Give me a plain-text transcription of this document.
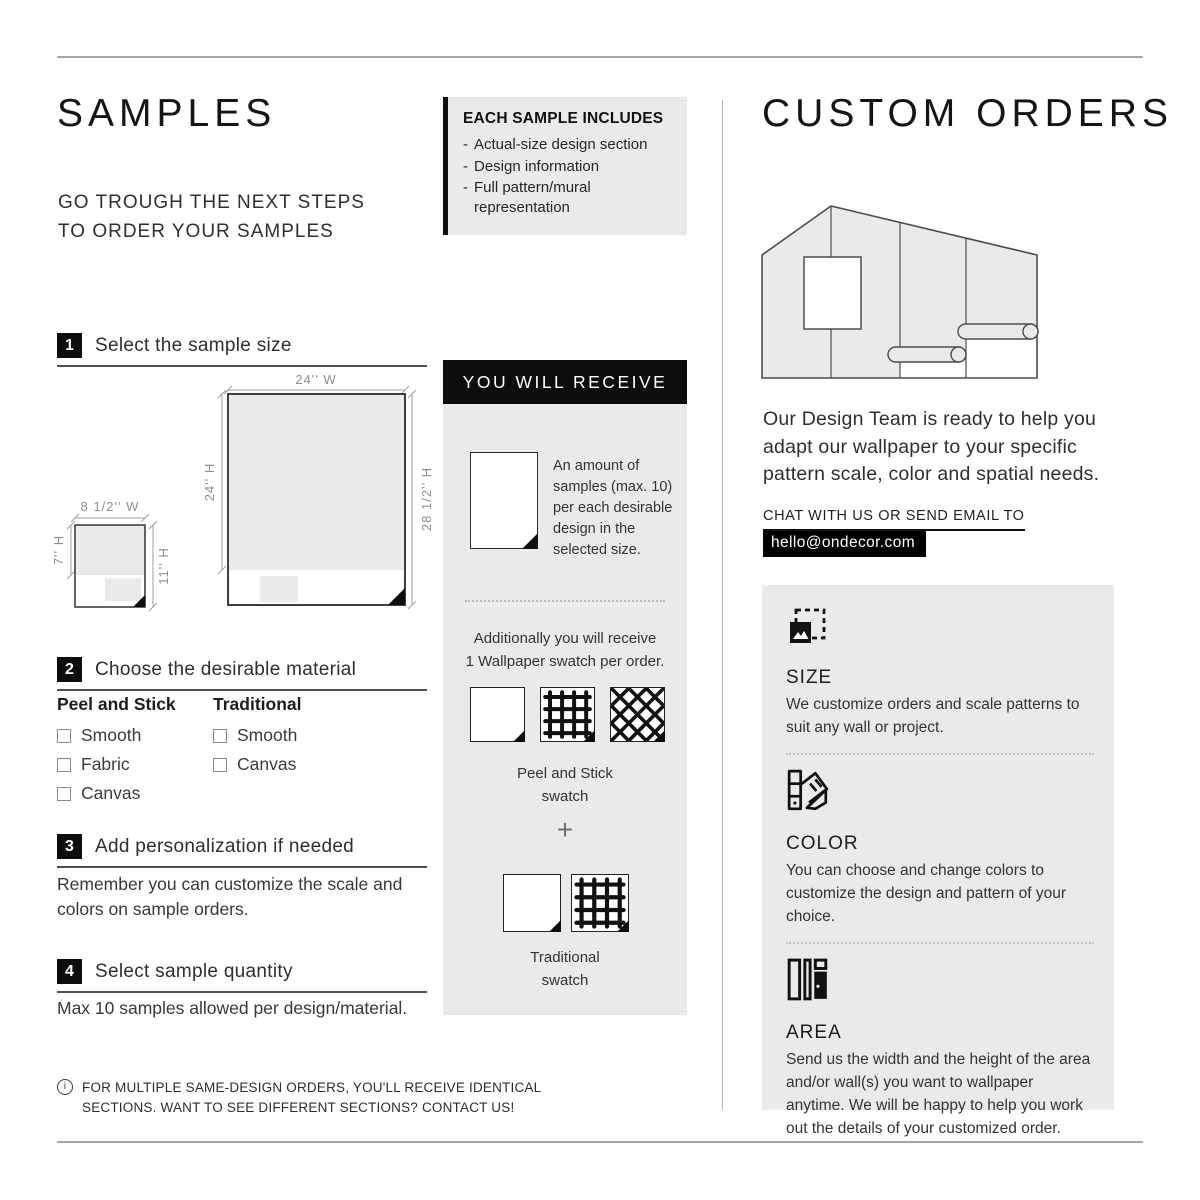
SAMPLES
GO TROUGH THE NEXT STEPS
TO ORDER YOUR SAMPLES
1	Select the sample size
24'' W
24'' H	28 1/2'' H
8 1/2'' W
7'' H	11'' H
2	Choose the desirable material
Peel and Stick
Smooth
Fabric
Canvas
Traditional
Smooth
Canvas
3	Add personalization if needed
Remember you can customize the scale and colors on sample orders.
4	Select sample quantity
Max 10 samples allowed per design/material.
i	FOR MULTIPLE SAME-DESIGN ORDERS, YOU'LL RECEIVE IDENTICAL
SECTIONS. WANT TO SEE DIFFERENT SECTIONS? CONTACT US!
EACH SAMPLE INCLUDES
- Actual-size design section
- Design information
- Full pattern/mural representation
YOU WILL RECEIVE
An amount of samples (max. 10) per each desirable design in the selected size.
Additionally you will receive
1 Wallpaper swatch per order.
Peel and Stick
swatch
+
Traditional
swatch
CUSTOM ORDERS
Our Design Team is ready to help you adapt our wallpaper to your specific pattern scale, color and spatial needs.
CHAT WITH US OR SEND EMAIL TO
hello@ondecor.com
SIZE
We customize orders and scale patterns to suit any wall or project.
COLOR
You can choose and change colors to customize the design and pattern of your choice.
AREA
Send us the width and the height of the area and/or wall(s) you want to wallpaper anytime. We will be happy to help you work out the details of your customized order.
